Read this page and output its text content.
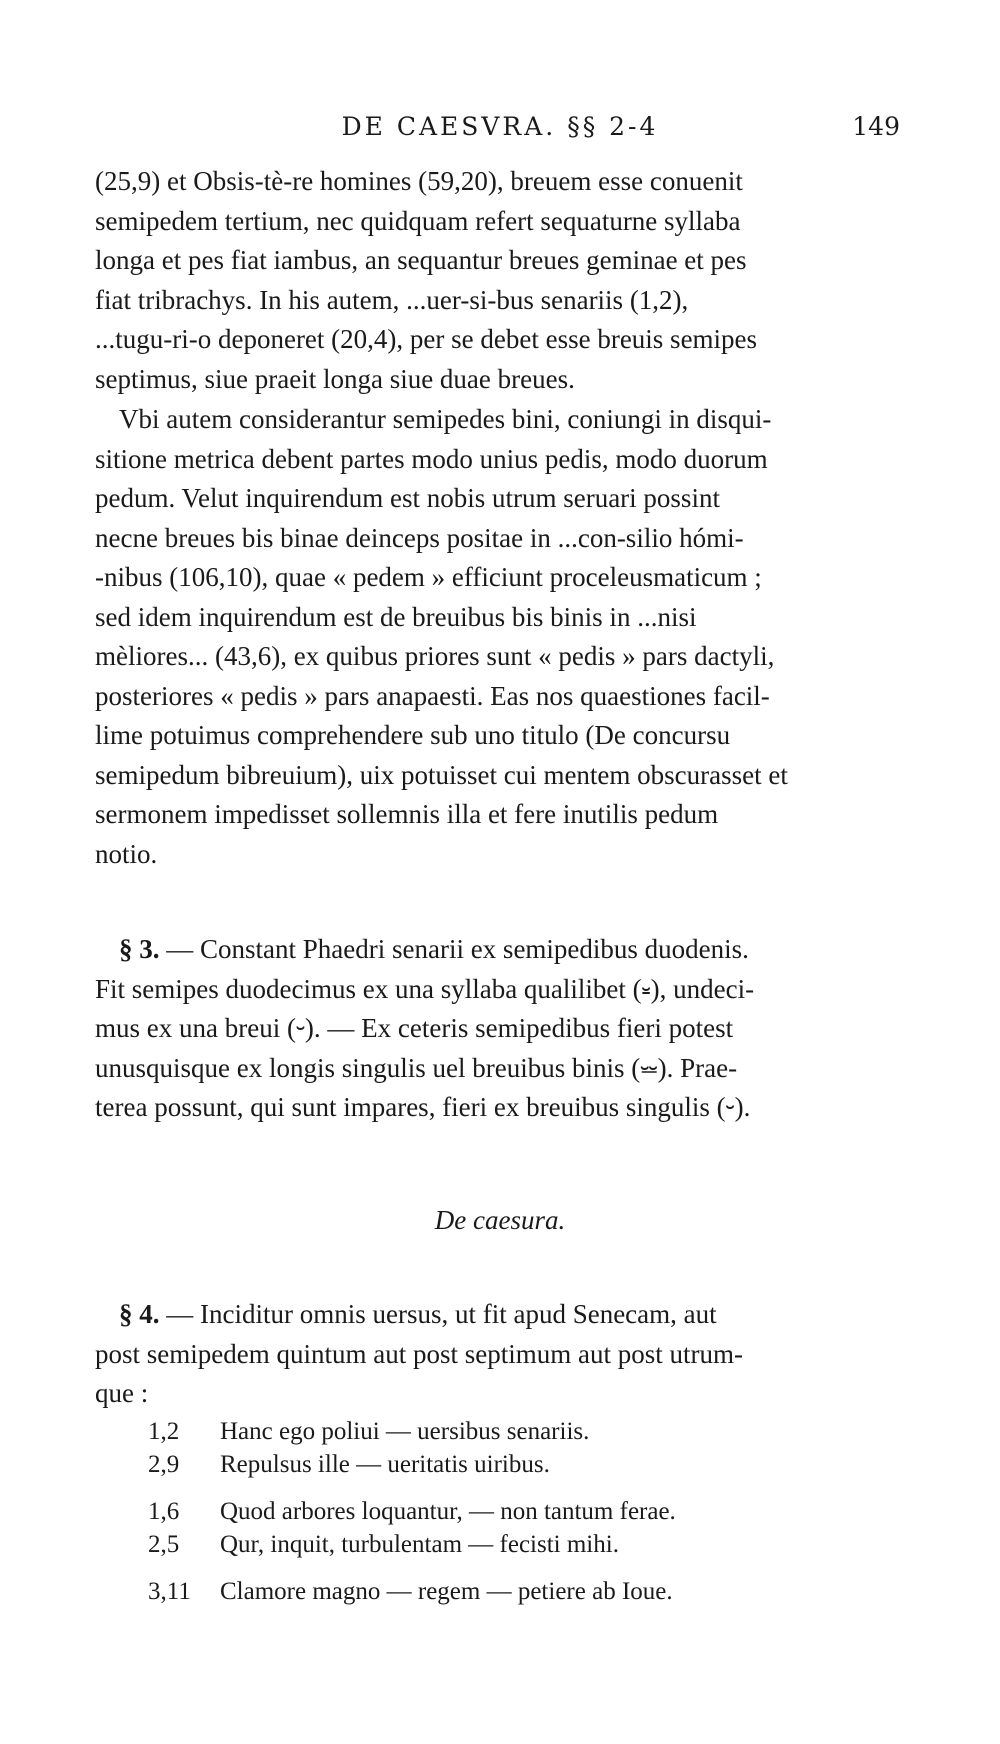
DE CAESVRA. §§ 2-4	149
(25,9) et Obsis-tè-re homines (59,20), breuem esse conuenit
semipedem tertium, nec quidquam refert sequaturne syllaba
longa et pes fiat iambus, an sequantur breues geminae et pes
fiat tribrachys. In his autem, ...uer-si-bus senariis (1,2),
...tugu-ri-o deponeret (20,4), per se debet esse breuis semipes
septimus, siue praeit longa siue duae breues.
Vbi autem considerantur semipedes bini, coniungi in disqui-
sitione metrica debent partes modo unius pedis, modo duorum
pedum. Velut inquirendum est nobis utrum seruari possint
necne breues bis binae deinceps positae in ...con-silio hómi-
-nibus (106,10), quae « pedem » efficiunt proceleusmaticum ;
sed idem inquirendum est de breuibus bis binis in ...nisi
mèliores... (43,6), ex quibus priores sunt « pedis » pars dactyli,
posteriores « pedis » pars anapaesti. Eas nos quaestiones facil-
lime potuimus comprehendere sub uno titulo (De concursu
semipedum bibreuium), uix potuisset cui mentem obscurasset et
sermonem impedisset sollemnis illa et fere inutilis pedum
notio.
§ 3. — Constant Phaedri senarii ex semipedibus duodenis.
Fit semipes duodecimus ex una syllaba qualilibet (⏓), undeci-
mus ex una breui (⏑). — Ex ceteris semipedibus fieri potest
unusquisque ex longis singulis uel breuibus binis (⏕). Prae-
terea possunt, qui sunt impares, fieri ex breuibus singulis (⏑).
De caesura.
§ 4. — Inciditur omnis uersus, ut fit apud Senecam, aut
post semipedem quintum aut post septimum aut post utrum-
que :
1,2	Hanc ego poliui — uersibus senariis.
2,9	Repulsus ille — ueritatis uiribus.
1,6	Quod arbores loquantur, — non tantum ferae.
2,5	Qur, inquit, turbulentam — fecisti mihi.
3,11	Clamore magno — regem — petiere ab Ioue.
